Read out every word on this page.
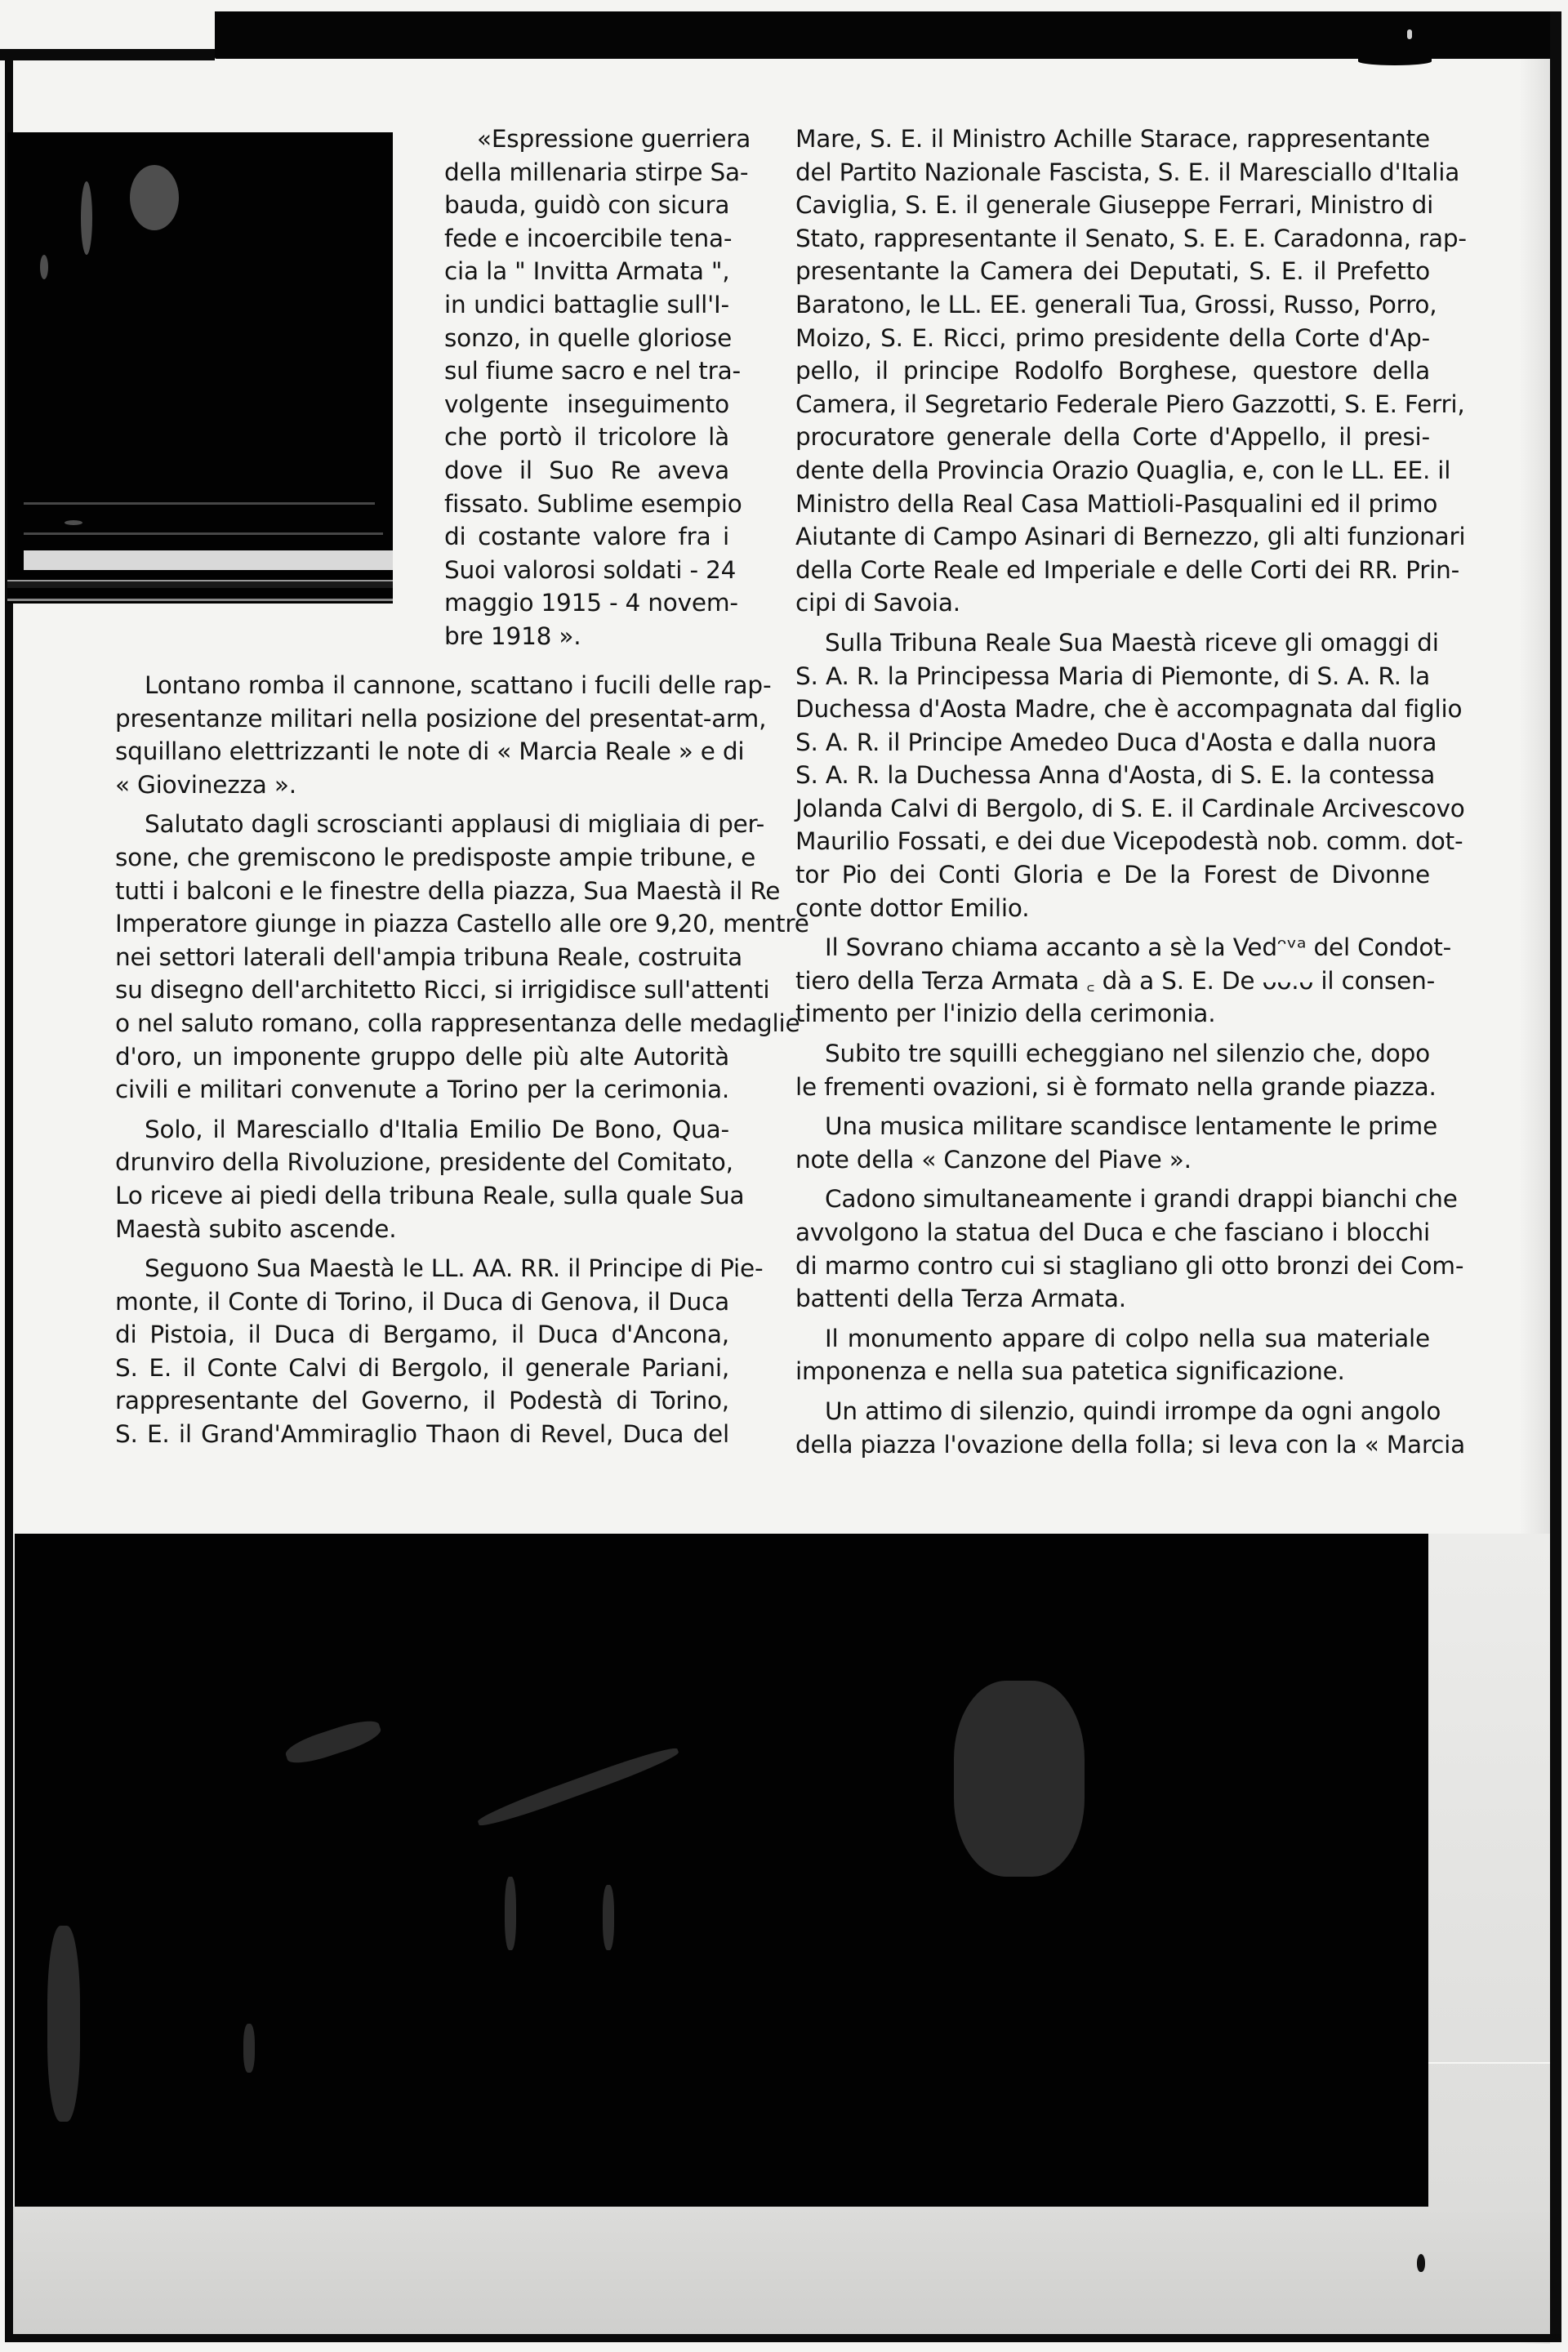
«Espressione guerriera
della millenaria stirpe Sa-
bauda, guidò con sicura
fede e incoercibile tena-
cia la " Invitta Armata ",
in undici battaglie sull'I-
sonzo, in quelle gloriose
sul fiume sacro e nel tra-
volgente inseguimento
che portò il tricolore là
dove il Suo Re aveva
fissato. Sublime esempio
di costante valore fra i
Suoi valorosi soldati - 24
maggio 1915 - 4 novem-
bre 1918 ».
Lontano romba il cannone, scattano i fucili delle rap-
presentanze militari nella posizione del presentat-arm,
squillano elettrizzanti le note di « Marcia Reale » e di
« Giovinezza ».
Salutato dagli scroscianti applausi di migliaia di per-
sone, che gremiscono le predisposte ampie tribune, e
tutti i balconi e le finestre della piazza, Sua Maestà il Re
Imperatore giunge in piazza Castello alle ore 9,20, mentre
nei settori laterali dell'ampia tribuna Reale, costruita
su disegno dell'architetto Ricci, si irrigidisce sull'attenti
o nel saluto romano, colla rappresentanza delle medaglie
d'oro, un imponente gruppo delle più alte Autorità
civili e militari convenute a Torino per la cerimonia.
Solo, il Maresciallo d'Italia Emilio De Bono, Qua-
drunviro della Rivoluzione, presidente del Comitato,
Lo riceve ai piedi della tribuna Reale, sulla quale Sua
Maestà subito ascende.
Seguono Sua Maestà le LL. AA. RR. il Principe di Pie-
monte, il Conte di Torino, il Duca di Genova, il Duca
di Pistoia, il Duca di Bergamo, il Duca d'Ancona,
S. E. il Conte Calvi di Bergolo, il generale Pariani,
rappresentante del Governo, il Podestà di Torino,
S. E. il Grand'Ammiraglio Thaon di Revel, Duca del
Mare, S. E. il Ministro Achille Starace, rappresentante
del Partito Nazionale Fascista, S. E. il Maresciallo d'Italia
Caviglia, S. E. il generale Giuseppe Ferrari, Ministro di
Stato, rappresentante il Senato, S. E. E. Caradonna, rap-
presentante la Camera dei Deputati, S. E. il Prefetto
Baratono, le LL. EE. generali Tua, Grossi, Russo, Porro,
Moizo, S. E. Ricci, primo presidente della Corte d'Ap-
pello, il principe Rodolfo Borghese, questore della
Camera, il Segretario Federale Piero Gazzotti, S. E. Ferri,
procuratore generale della Corte d'Appello, il presi-
dente della Provincia Orazio Quaglia, e, con le LL. EE. il
Ministro della Real Casa Mattioli-Pasqualini ed il primo
Aiutante di Campo Asinari di Bernezzo, gli alti funzionari
della Corte Reale ed Imperiale e delle Corti dei RR. Prin-
cipi di Savoia.
Sulla Tribuna Reale Sua Maestà riceve gli omaggi di
S. A. R. la Principessa Maria di Piemonte, di S. A. R. la
Duchessa d'Aosta Madre, che è accompagnata dal figlio
S. A. R. il Principe Amedeo Duca d'Aosta e dalla nuora
S. A. R. la Duchessa Anna d'Aosta, di S. E. la contessa
Jolanda Calvi di Bergolo, di S. E. il Cardinale Arcivescovo
Maurilio Fossati, e dei due Vicepodestà nob. comm. dot-
tor Pio dei Conti Gloria e De la Forest de Divonne
conte dottor Emilio.
Il Sovrano chiama accanto a sè la Vedᵔᵛᵃ del Condot-
tiero della Terza Armata ꜀ dà a S. E. De ᴗᴗ.ᴗ il consen-
timento per l'inizio della cerimonia.
Subito tre squilli echeggiano nel silenzio che, dopo
le frementi ovazioni, si è formato nella grande piazza.
Una musica militare scandisce lentamente le prime
note della « Canzone del Piave ».
Cadono simultaneamente i grandi drappi bianchi che
avvolgono la statua del Duca e che fasciano i blocchi
di marmo contro cui si stagliano gli otto bronzi dei Com-
battenti della Terza Armata.
Il monumento appare di colpo nella sua materiale
imponenza e nella sua patetica significazione.
Un attimo di silenzio, quindi irrompe da ogni angolo
della piazza l'ovazione della folla; si leva con la « Marcia
